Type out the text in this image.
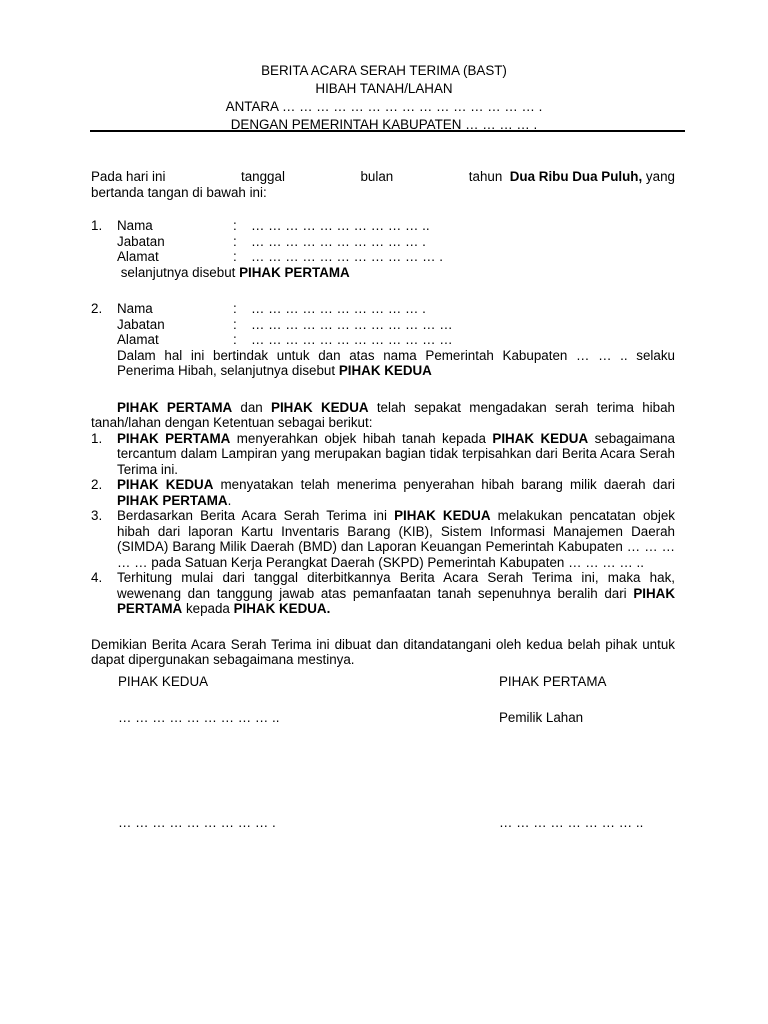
BERITA ACARA SERAH TERIMA (BAST)
HIBAH TANAH/LAHAN
ANTARA … … … … … … … … … … … … … … … .
DENGAN PEMERINTAH KABUPATEN … … … … .
Pada hari ini	tanggal	bulan	tahun Dua Ribu Dua Puluh, yang
bertanda tangan di bawah ini:
1.	Nama	:	… … … … … … … … … … ..
Jabatan	:	… … … … … … … … … … .
Alamat	:	… … … … … … … … … … … .
selanjutnya disebut PIHAK PERTAMA
2.	Nama	:	… … … … … … … … … … .
Jabatan	:	… … … … … … … … … … … …
Alamat	:	… … … … … … … … … … … …
Dalam hal ini bertindak untuk dan atas nama Pemerintah Kabupaten … … .. selaku
Penerima Hibah, selanjutnya disebut PIHAK KEDUA
PIHAK PERTAMA dan PIHAK KEDUA telah sepakat mengadakan serah terima hibah tanah/lahan dengan Ketentuan sebagai berikut:
1.	PIHAK PERTAMA menyerahkan objek hibah tanah kepada PIHAK KEDUA sebagaimana tercantum dalam Lampiran yang merupakan bagian tidak terpisahkan dari Berita Acara Serah Terima ini.
2.	PIHAK KEDUA menyatakan telah menerima penyerahan hibah barang milik daerah dari PIHAK PERTAMA.
3.	Berdasarkan Berita Acara Serah Terima ini PIHAK KEDUA melakukan pencatatan objek hibah dari laporan Kartu Inventaris Barang (KIB), Sistem Informasi Manajemen Daerah (SIMDA) Barang Milik Daerah (BMD) dan Laporan Keuangan Pemerintah Kabupaten … … … … … pada Satuan Kerja Perangkat Daerah (SKPD) Pemerintah Kabupaten … … … … ..
4.	Terhitung mulai dari tanggal diterbitkannya Berita Acara Serah Terima ini, maka hak, wewenang dan tanggung jawab atas pemanfaatan tanah sepenuhnya beralih dari PIHAK PERTAMA kepada PIHAK KEDUA.
Demikian Berita Acara Serah Terima ini dibuat dan ditandatangani oleh kedua belah pihak untuk dapat dipergunakan sebagaimana mestinya.
PIHAK KEDUA	PIHAK PERTAMA
… … … … … … … … … ..	Pemilik Lahan
… … … … … … … … … .	… … … … … … … … ..
